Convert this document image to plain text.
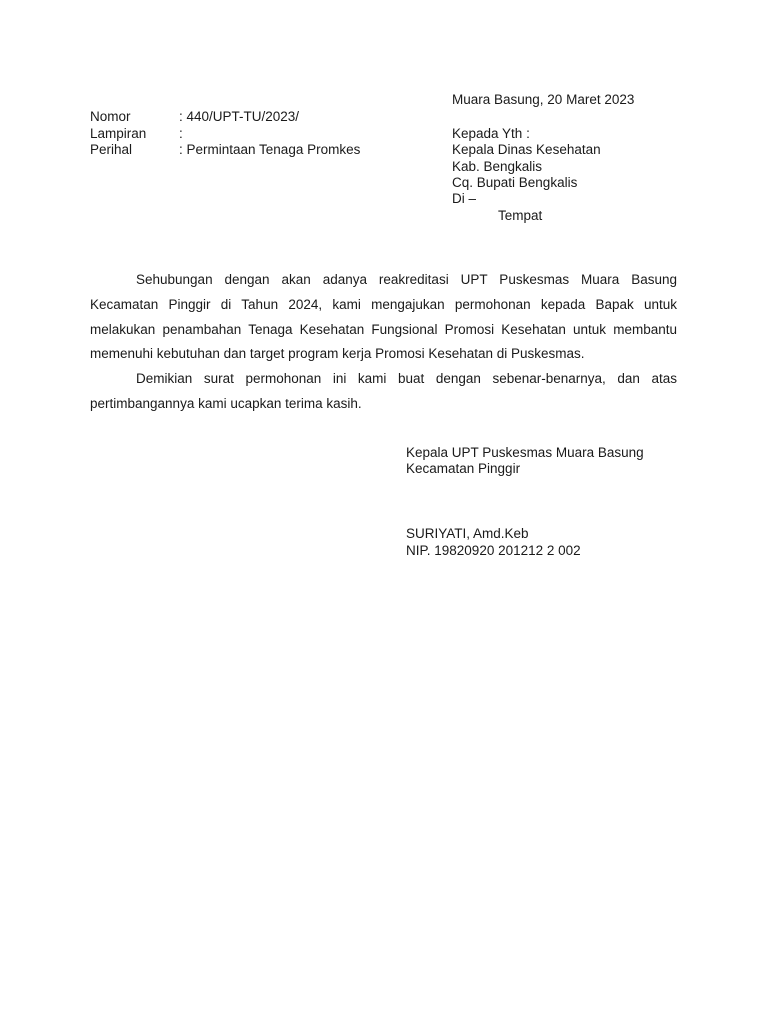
Muara Basung, 20 Maret 2023
Nomor	: 440/UPT-TU/2023/
Lampiran :
Perihal	: Permintaan Tenaga Promkes
Kepada Yth :
Kepala Dinas Kesehatan
Kab. Bengkalis
Cq. Bupati Bengkalis
Di –
Tempat
Sehubungan dengan akan adanya reakreditasi UPT Puskesmas Muara Basung Kecamatan Pinggir di Tahun 2024, kami mengajukan permohonan kepada Bapak untuk melakukan penambahan Tenaga Kesehatan Fungsional Promosi Kesehatan untuk membantu memenuhi kebutuhan dan target program kerja Promosi Kesehatan di Puskesmas.
Demikian surat permohonan ini kami buat dengan sebenar-benarnya, dan atas pertimbangannya kami ucapkan terima kasih.
Kepala UPT Puskesmas Muara Basung
Kecamatan Pinggir
SURIYATI, Amd.Keb
NIP. 19820920 201212 2 002
